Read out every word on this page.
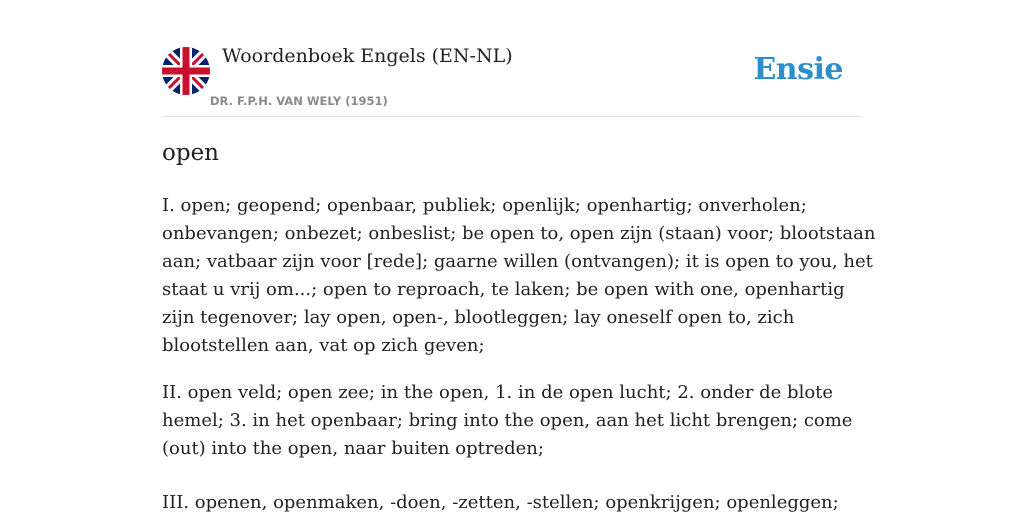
Woordenboek Engels (EN-NL)
DR. F.P.H. VAN WELY (1951)
Ensie
open

I. open; geopend; openbaar, publiek; openlijk; openhartig; onverholen; onbevangen; onbezet; onbeslist; be open to, open zijn (staan) voor; blootstaan aan; vatbaar zijn voor [rede]; gaarne willen (ontvangen); it is open to you, het staat u vrij om...; open to reproach, te laken; be open with one, openhartig zijn tegenover; lay open, open-, blootleggen; lay oneself open to, zich blootstellen aan, vat op zich geven;

II. open veld; open zee; in the open, 1. in de open lucht; 2. onder de blote hemel; 3. in het openbaar; bring into the open, aan het licht brengen; come (out) into the open, naar buiten optreden;

III. openen, openmaken, -doen, -zetten, -stellen; openkrijgen; openleggen;
